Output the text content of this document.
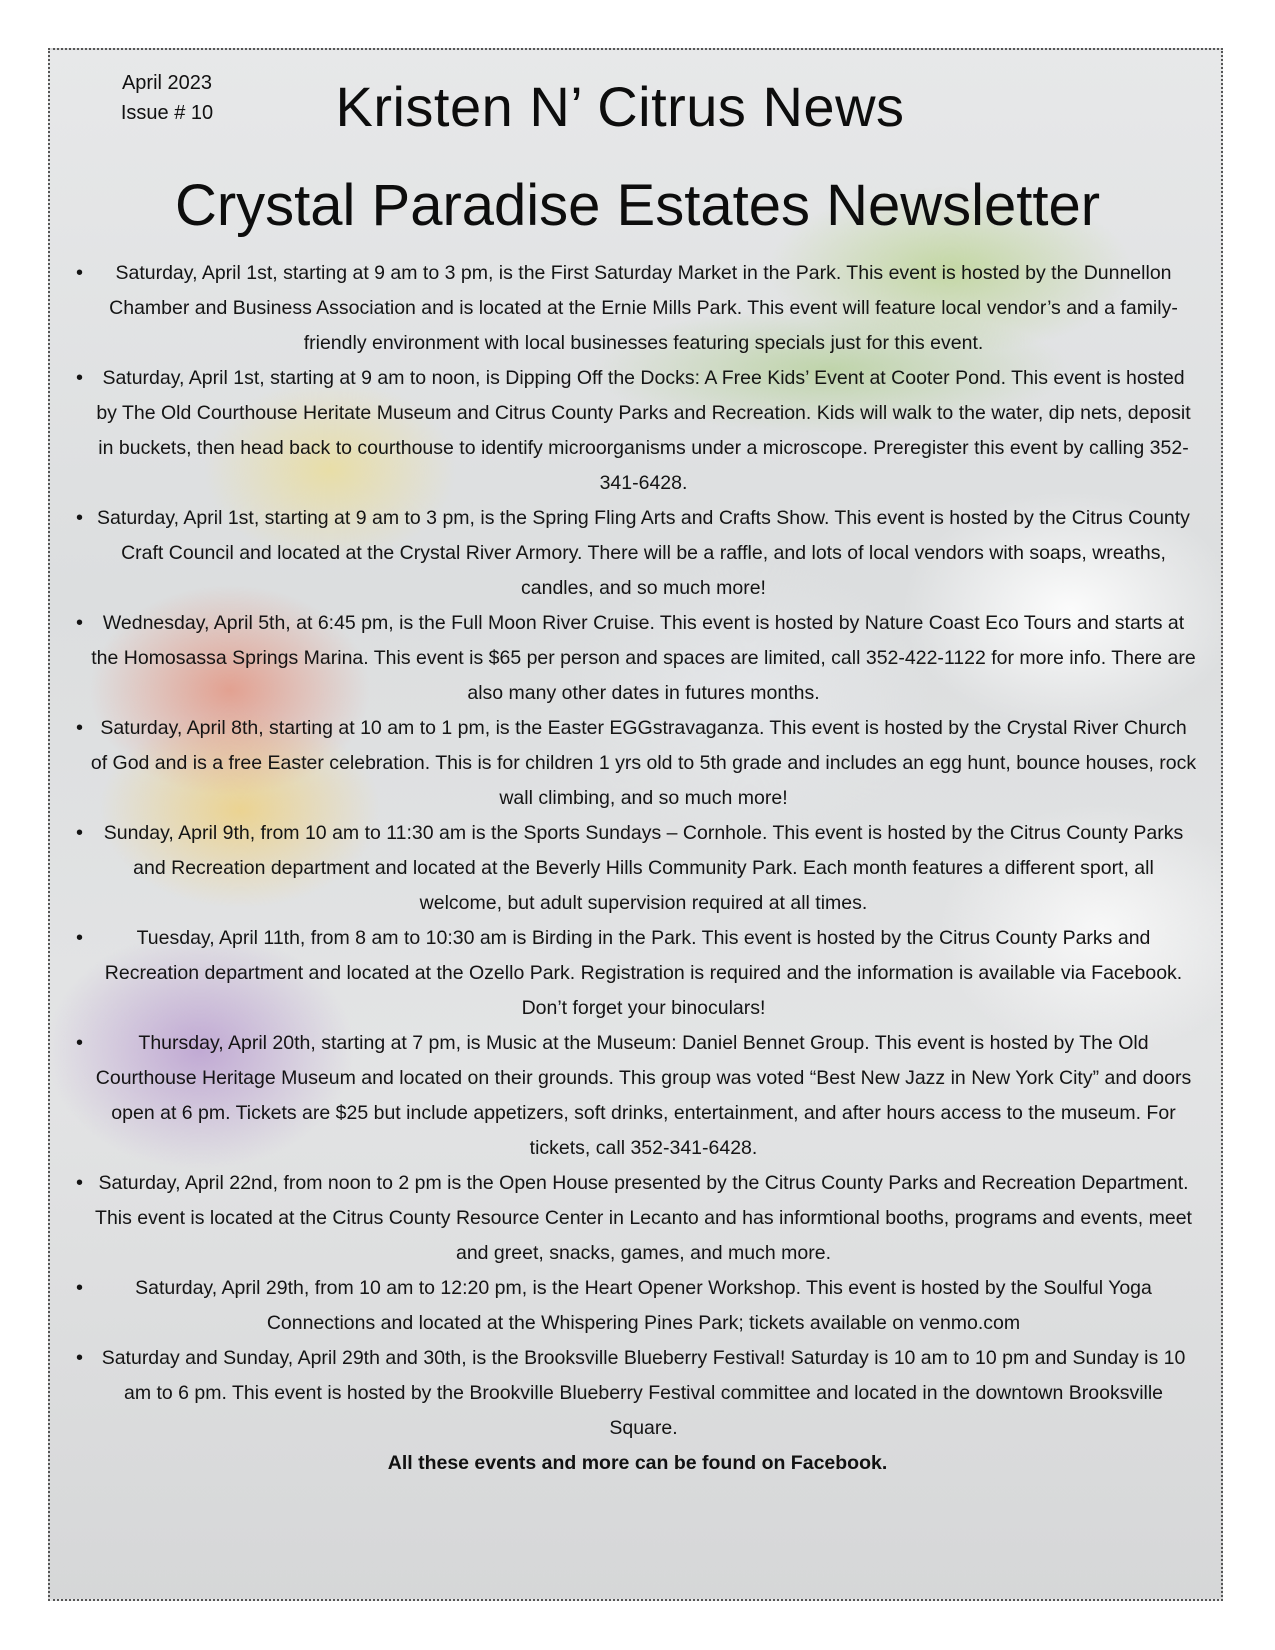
April 2023
Issue # 10	Kristen N’ Citrus News
Crystal Paradise Estates Newsletter
• Saturday, April 1st, starting at 9 am to 3 pm, is the First Saturday Market in the Park. This event is hosted by the Dunnellon Chamber and Business Association and is located at the Ernie Mills Park. This event will feature local vendor’s and a family-friendly environment with local businesses featuring specials just for this event.
• Saturday, April 1st, starting at 9 am to noon, is Dipping Off the Docks: A Free Kids’ Event at Cooter Pond. This event is hosted by The Old Courthouse Heritate Museum and Citrus County Parks and Recreation. Kids will walk to the water, dip nets, deposit in buckets, then head back to courthouse to identify microorganisms under a microscope. Preregister this event by calling 352-341-6428.
• Saturday, April 1st, starting at 9 am to 3 pm, is the Spring Fling Arts and Crafts Show. This event is hosted by the Citrus County Craft Council and located at the Crystal River Armory. There will be a raffle, and lots of local vendors with soaps, wreaths, candles, and so much more!
• Wednesday, April 5th, at 6:45 pm, is the Full Moon River Cruise. This event is hosted by Nature Coast Eco Tours and starts at the Homosassa Springs Marina. This event is $65 per person and spaces are limited, call 352-422-1122 for more info. There are also many other dates in futures months.
• Saturday, April 8th, starting at 10 am to 1 pm, is the Easter EGGstravaganza. This event is hosted by the Crystal River Church of God and is a free Easter celebration. This is for children 1 yrs old to 5th grade and includes an egg hunt, bounce houses, rock wall climbing, and so much more!
• Sunday, April 9th, from 10 am to 11:30 am is the Sports Sundays – Cornhole. This event is hosted by the Citrus County Parks and Recreation department and located at the Beverly Hills Community Park. Each month features a different sport, all welcome, but adult supervision required at all times.
•	Tuesday, April 11th, from 8 am to 10:30 am is Birding in the Park. This event is hosted by the Citrus County Parks and Recreation department and located at the Ozello Park. Registration is required and the information is available via Facebook. Don’t forget your binoculars!
•	Thursday, April 20th, starting at 7 pm, is Music at the Museum: Daniel Bennet Group. This event is hosted by The Old Courthouse Heritage Museum and located on their grounds. This group was voted “Best New Jazz in New York City” and doors open at 6 pm. Tickets are $25 but include appetizers, soft drinks, entertainment, and after hours access to the museum. For tickets, call 352-341-6428.
• Saturday, April 22nd, from noon to 2 pm is the Open House presented by the Citrus County Parks and Recreation Department. This event is located at the Citrus County Resource Center in Lecanto and has informtional booths, programs and events, meet and greet, snacks, games, and much more.
•	Saturday, April 29th, from 10 am to 12:20 pm, is the Heart Opener Workshop. This event is hosted by the Soulful Yoga Connections and located at the Whispering Pines Park; tickets available on venmo.com
• Saturday and Sunday, April 29th and 30th, is the Brooksville Blueberry Festival! Saturday is 10 am to 10 pm and Sunday is 10 am to 6 pm. This event is hosted by the Brookville Blueberry Festival committee and located in the downtown Brooksville Square.
All these events and more can be found on Facebook.
